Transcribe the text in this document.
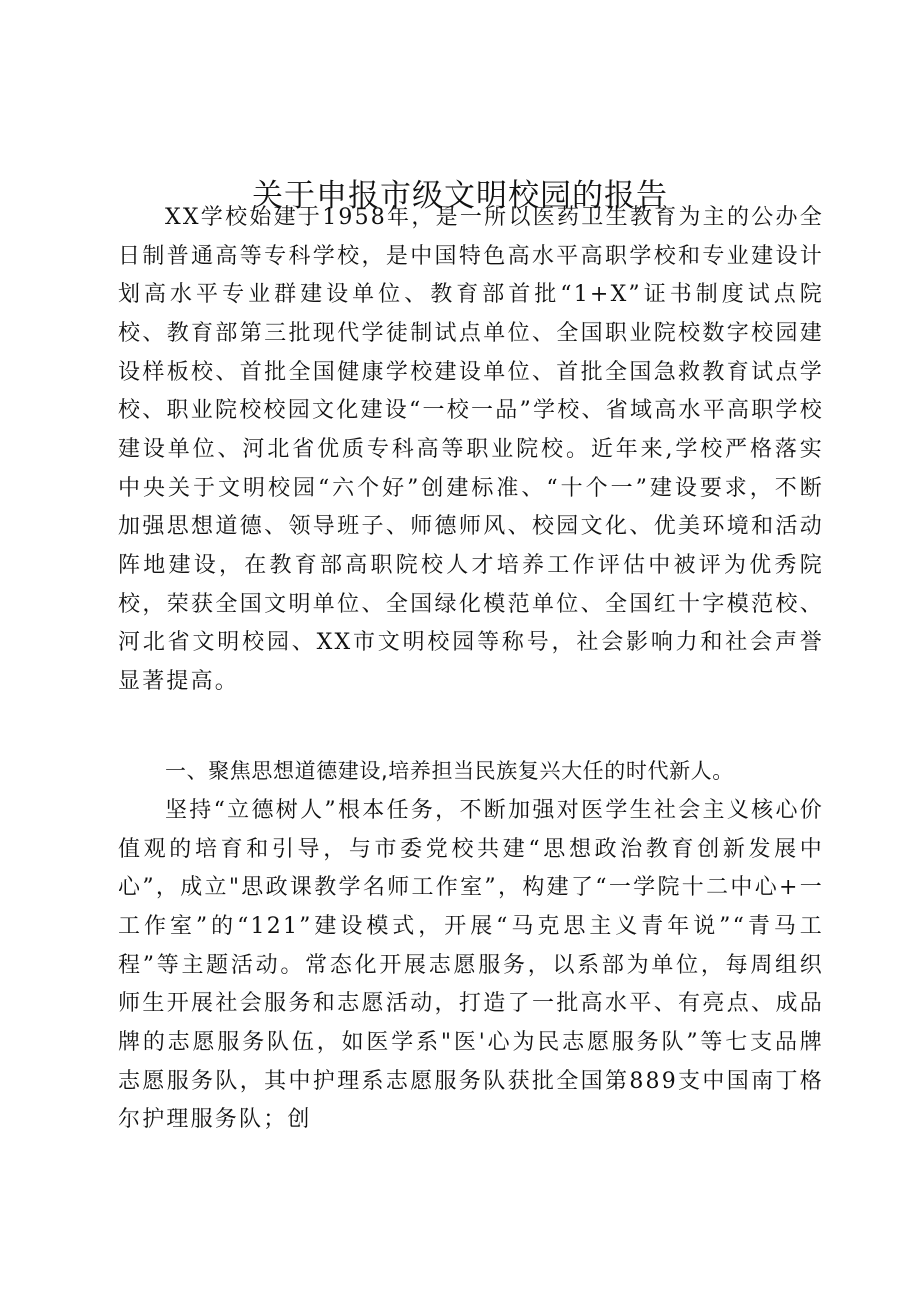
关于申报市级文明校园的报告

XX学校始建于1958年，是一所以医药卫生教育为主的公办全日制普通高等专科学校，是中国特色高水平高职学校和专业建设计划高水平专业群建设单位、教育部首批“1+X”证书制度试点院校、教育部第三批现代学徒制试点单位、全国职业院校数字校园建设样板校、首批全国健康学校建设单位、首批全国急救教育试点学校、职业院校校园文化建设“一校一品”学校、省域高水平高职学校建设单位、河北省优质专科高等职业院校。近年来,学校严格落实中央关于文明校园“六个好”创建标准、“十个一”建设要求，不断加强思想道德、领导班子、师德师风、校园文化、优美环境和活动阵地建设，在教育部高职院校人才培养工作评估中被评为优秀院校，荣获全国文明单位、全国绿化模范单位、全国红十字模范校、河北省文明校园、XX市文明校园等称号，社会影响力和社会声誉显著提高。

一、聚焦思想道德建设,培养担当民族复兴大任的时代新人。

坚持“立德树人”根本任务，不断加强对医学生社会主义核心价值观的培育和引导，与市委党校共建“思想政治教育创新发展中心”，成立"思政课教学名师工作室”，构建了“一学院十二中心+一工作室”的“121”建设模式，开展“马克思主义青年说”“青马工程”等主题活动。常态化开展志愿服务，以系部为单位，每周组织师生开展社会服务和志愿活动，打造了一批高水平、有亮点、成品牌的志愿服务队伍，如医学系"医'心为民志愿服务队”等七支品牌志愿服务队，其中护理系志愿服务队获批全国第889支中国南丁格尔护理服务队；创
